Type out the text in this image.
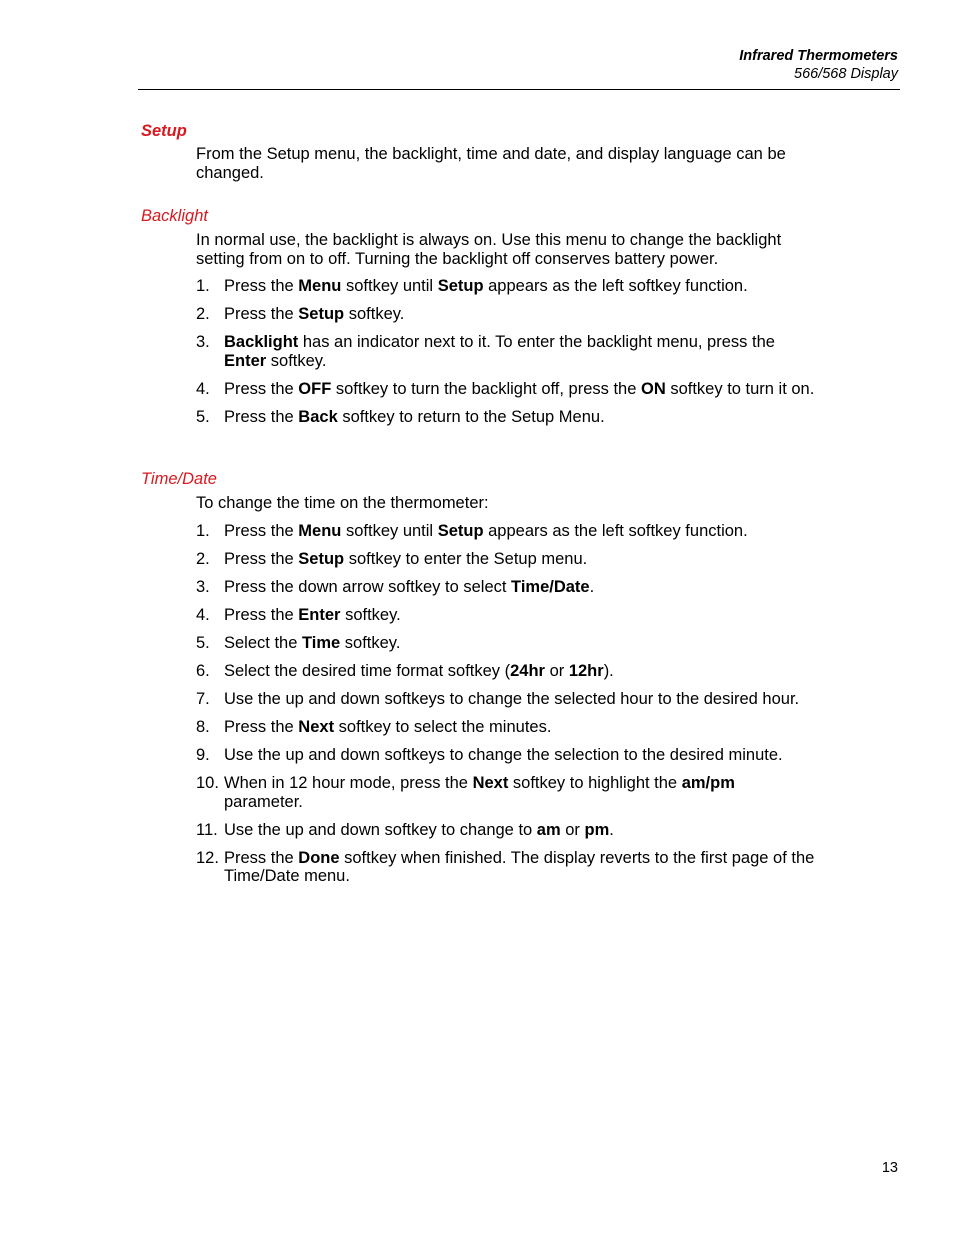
Infrared Thermometers
566/568 Display
Setup
From the Setup menu, the backlight, time and date, and display language can be changed.
Backlight
In normal use, the backlight is always on. Use this menu to change the backlight setting from on to off. Turning the backlight off conserves battery power.
1. Press the Menu softkey until Setup appears as the left softkey function.
2. Press the Setup softkey.
3. Backlight has an indicator next to it. To enter the backlight menu, press the Enter softkey.
4. Press the OFF softkey to turn the backlight off, press the ON softkey to turn it on.
5. Press the Back softkey to return to the Setup Menu.
Time/Date
To change the time on the thermometer:
1. Press the Menu softkey until Setup appears as the left softkey function.
2. Press the Setup softkey to enter the Setup menu.
3. Press the down arrow softkey to select Time/Date.
4. Press the Enter softkey.
5. Select the Time softkey.
6. Select the desired time format softkey (24hr or 12hr).
7. Use the up and down softkeys to change the selected hour to the desired hour.
8. Press the Next softkey to select the minutes.
9. Use the up and down softkeys to change the selection to the desired minute.
10. When in 12 hour mode, press the Next softkey to highlight the am/pm parameter.
11. Use the up and down softkey to change to am or pm.
12. Press the Done softkey when finished. The display reverts to the first page of the Time/Date menu.
13
